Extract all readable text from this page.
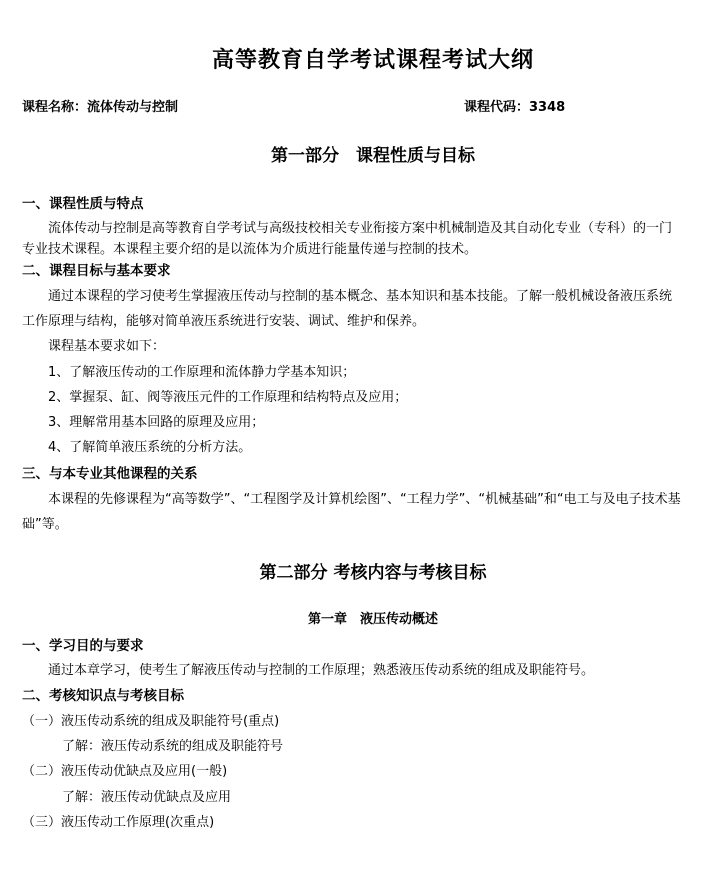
高等教育自学考试课程考试大纲
课程名称：流体传动与控制	课程代码：3348
第一部分　课程性质与目标
一、课程性质与特点
流体传动与控制是高等教育自学考试与高级技校相关专业衔接方案中机械制造及其自动化专业（专科）的一门
专业技术课程。本课程主要介绍的是以流体为介质进行能量传递与控制的技术。
二、课程目标与基本要求
通过本课程的学习使考生掌握液压传动与控制的基本概念、基本知识和基本技能。了解一般机械设备液压系统
工作原理与结构，能够对简单液压系统进行安装、调试、维护和保养。
课程基本要求如下：
1、了解液压传动的工作原理和流体静力学基本知识；
2、掌握泵、缸、阀等液压元件的工作原理和结构特点及应用；
3、理解常用基本回路的原理及应用；
4、了解简单液压系统的分析方法。
三、与本专业其他课程的关系
本课程的先修课程为“高等数学”、“工程图学及计算机绘图”、“工程力学”、“机械基础”和“电工与及电子技术基
础”等。
第二部分 考核内容与考核目标
第一章　液压传动概述
一、学习目的与要求
通过本章学习，使考生了解液压传动与控制的工作原理；熟悉液压传动系统的组成及职能符号。
二、考核知识点与考核目标
（一）液压传动系统的组成及职能符号(重点)
了解：液压传动系统的组成及职能符号
（二）液压传动优缺点及应用(一般)
了解：液压传动优缺点及应用
（三）液压传动工作原理(次重点)
